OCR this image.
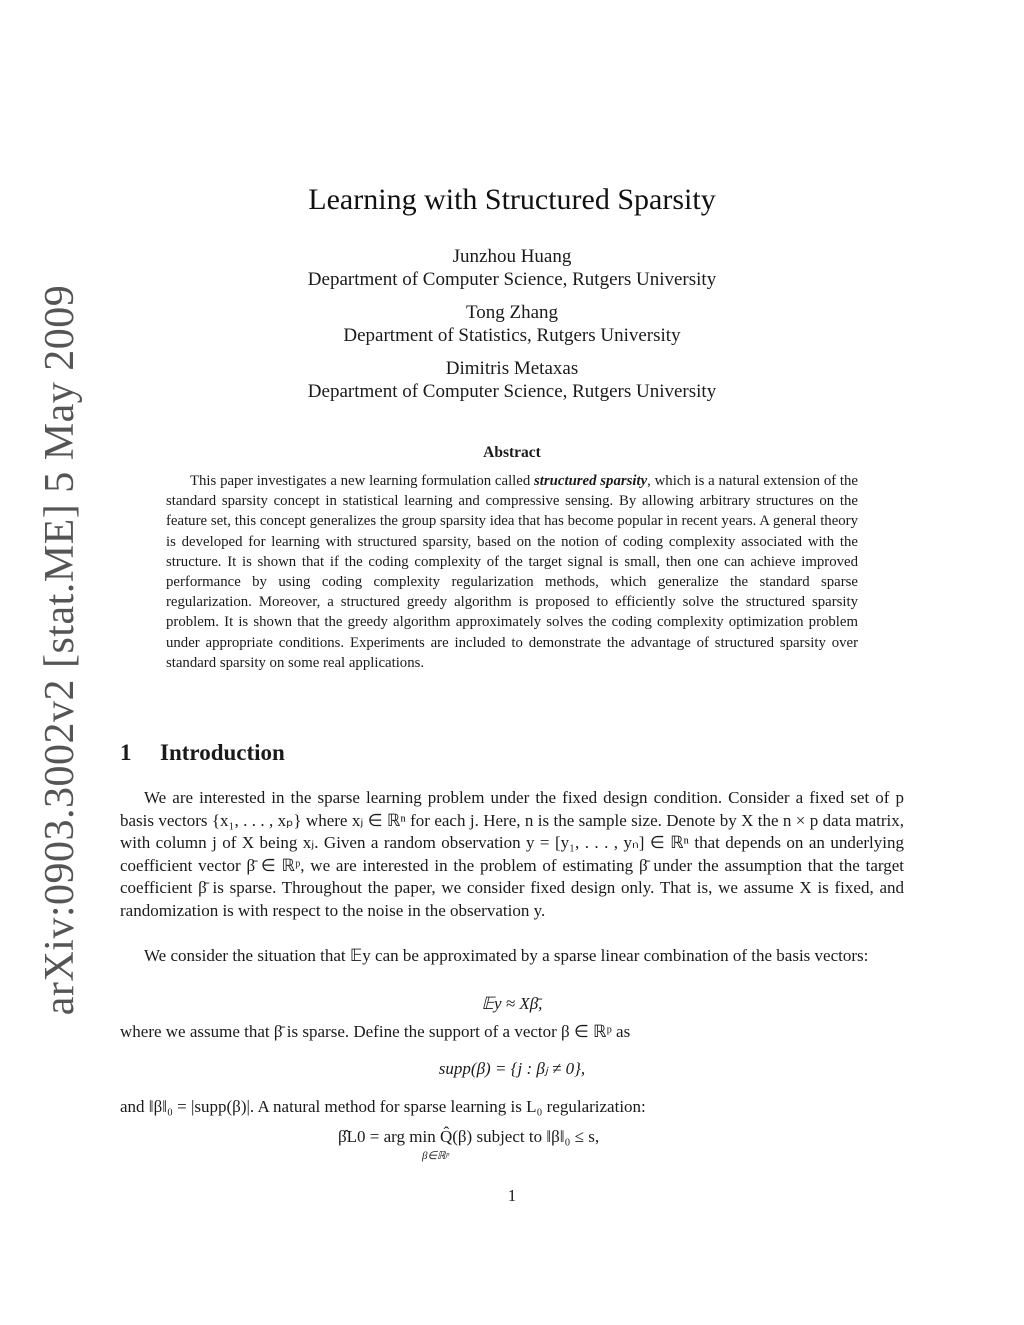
arXiv:0903.3002v2 [stat.ME] 5 May 2009
Learning with Structured Sparsity
Junzhou Huang
Department of Computer Science, Rutgers University
Tong Zhang
Department of Statistics, Rutgers University
Dimitris Metaxas
Department of Computer Science, Rutgers University
Abstract
This paper investigates a new learning formulation called structured sparsity, which is a natural extension of the standard sparsity concept in statistical learning and compressive sensing. By allowing arbitrary structures on the feature set, this concept generalizes the group sparsity idea that has become popular in recent years. A general theory is developed for learning with structured sparsity, based on the notion of coding complexity associated with the structure. It is shown that if the coding complexity of the target signal is small, then one can achieve improved performance by using coding complexity regularization methods, which generalize the standard sparse regularization. Moreover, a structured greedy algorithm is proposed to efficiently solve the structured sparsity problem. It is shown that the greedy algorithm approximately solves the coding complexity optimization problem under appropriate conditions. Experiments are included to demonstrate the advantage of structured sparsity over standard sparsity on some real applications.
1 Introduction
We are interested in the sparse learning problem under the fixed design condition. Consider a fixed set of p basis vectors {x₁, . . . , xₚ} where xⱼ ∈ ℝⁿ for each j. Here, n is the sample size. Denote by X the n × p data matrix, with column j of X being xⱼ. Given a random observation y = [y₁, . . . , yₙ] ∈ ℝⁿ that depends on an underlying coefficient vector β̄ ∈ ℝᵖ, we are interested in the problem of estimating β̄ under the assumption that the target coefficient β̄ is sparse. Throughout the paper, we consider fixed design only. That is, we assume X is fixed, and randomization is with respect to the noise in the observation y.
We consider the situation that 𝔼y can be approximated by a sparse linear combination of the basis vectors:
𝔼y ≈ Xβ̄,
where we assume that β̄ is sparse. Define the support of a vector β ∈ ℝᵖ as
supp(β) = {j : βⱼ ≠ 0},
and ‖β‖₀ = |supp(β)|. A natural method for sparse learning is L₀ regularization:
β̂L0 = arg min Q̂(β) subject to ‖β‖₀ ≤ s,
β∈ℝᵖ
1
